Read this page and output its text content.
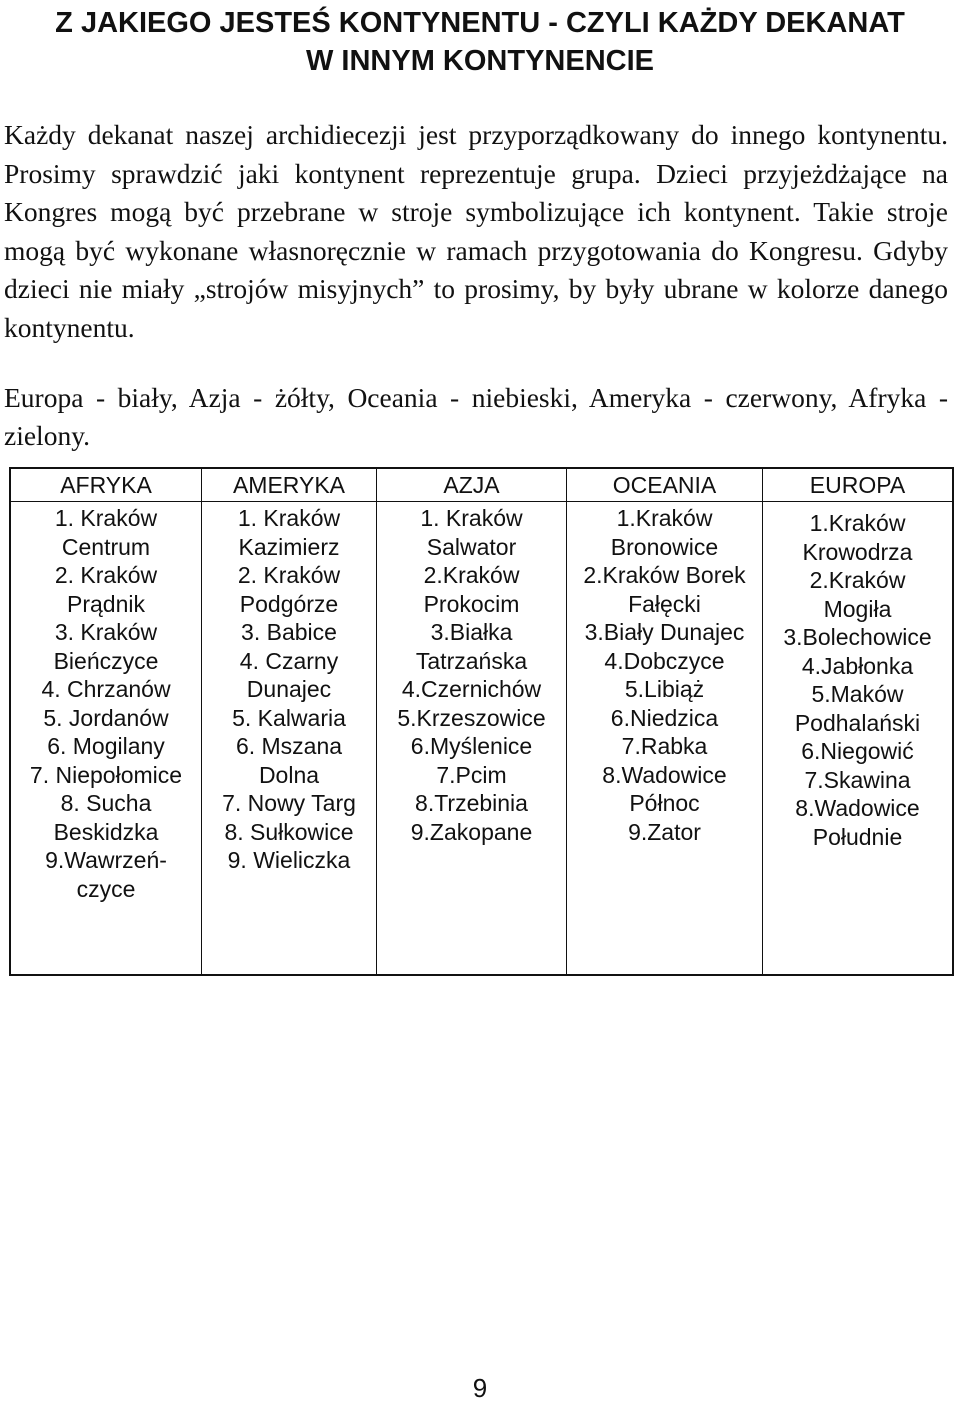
Z JAKIEGO JESTEŚ KONTYNENTU - CZYLI KAŻDY DEKANAT
W INNYM KONTYNENCIE

Każdy dekanat naszej archidiecezji jest przyporządkowany do innego kontynentu. Prosimy sprawdzić jaki kontynent reprezentuje grupa. Dzieci przyjeżdżające na Kongres mogą być przebrane w stroje symbolizujące ich kontynent. Takie stroje mogą być wykonane własnoręcznie w ramach przygotowania do Kongresu. Gdyby dzieci nie miały „strojów misyjnych” to prosimy, by były ubrane w kolorze danego kontynentu.

Europa - biały, Azja - żółty, Oceania - niebieski, Ameryka - czerwony, Afryka - zielony.

AFRYKA
1. Kraków
Centrum
2. Kraków
Prądnik
3. Kraków
Bieńczyce
4. Chrzanów
5. Jordanów
6. Mogilany
7. Niepołomice
8. Sucha
Beskidzka
9.Wawrzeń-
czyce
AMERYKA
1. Kraków
Kazimierz
2. Kraków
Podgórze
3. Babice
4. Czarny
Dunajec
5. Kalwaria
6. Mszana
Dolna
7. Nowy Targ
8. Sułkowice
9. Wieliczka
AZJA
1. Kraków
Salwator
2.Kraków
Prokocim
3.Białka
Tatrzańska
4.Czernichów
5.Krzeszowice
6.Myślenice
7.Pcim
8.Trzebinia
9.Zakopane
OCEANIA
1.Kraków
Bronowice
2.Kraków Borek
Fałęcki
3.Biały Dunajec
4.Dobczyce
5.Libiąż
6.Niedzica
7.Rabka
8.Wadowice
Północ
9.Zator
EUROPA
1.Kraków
Krowodrza
2.Kraków
Mogiła
3.Bolechowice
4.Jabłonka
5.Maków
Podhalański
6.Niegowić
7.Skawina
8.Wadowice
Południe
9
